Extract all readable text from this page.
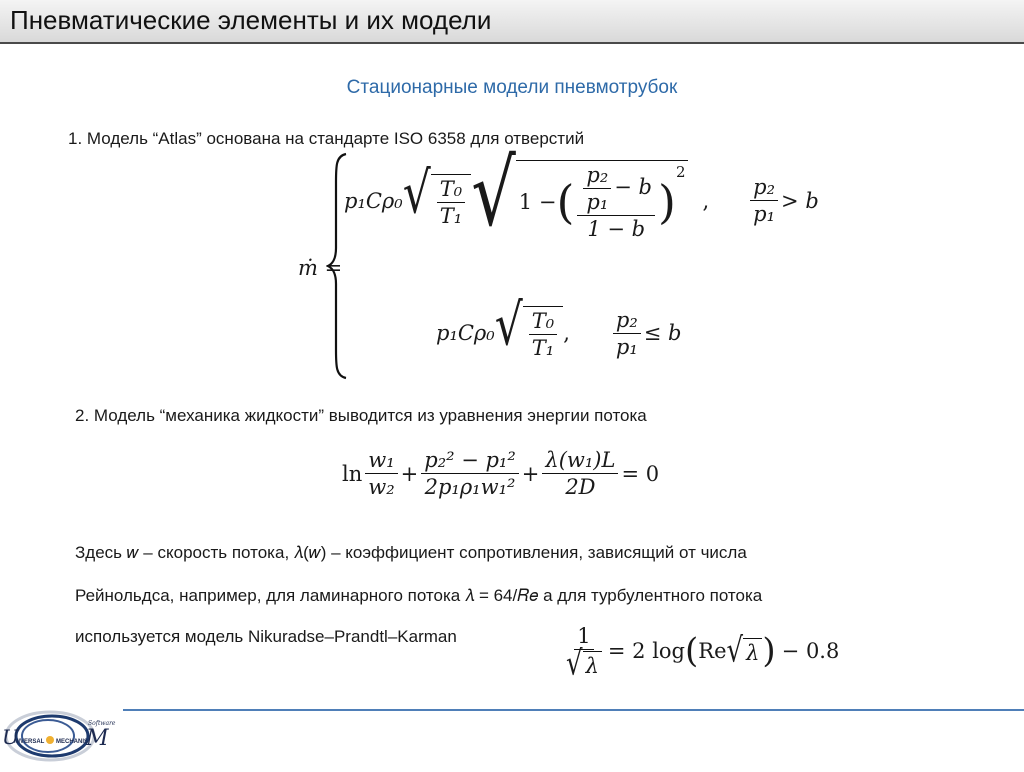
Пневматические элементы и их модели
Стационарные модели пневмотрубок
1. Модель “Atlas” основана на стандарте ISO 6358 для отверстий
ṁ =
p₁Cρ₀ √ $\frac{\text{T₀}}{\text{T₁}}$ √ 1 − ( $\frac{\frac{\text{p₂}}{\text{p₁}} - b}{1 - b}$ )
2
, $\frac{\text{p₂}}{\text{p₁}} > b$
p₁Cρ₀ √ $\frac{\text{T₀}}{\text{T₁}}$ , $\frac{\text{p₂}}{\text{p₁}} \le b$
2. Модель “механика жидкости” выводится из уравнения энергии потока
$\ln \frac{\text{w₁}}{\text{w₂}} + \frac{\text{p₂² − p₁²}}{\text{2p₁ρ₁w₁²}} + \frac{\text{λ(w₁)L}}{2D} = 0$
Здесь 𝑤 – скорость потока, 𝜆(𝑤) – коэффициент сопротивления, зависящий от числа
Рейнольдса, например, для ламинарного потока 𝜆 = 64/𝑅𝑒 а для турбулентного потока
используется модель Nikuradse–Prandtl–Karman	$\frac{1}{√ \lambda} = 2$ log ( Re √ λ ) − 0.8
U
NIVERSAL MECHANIS
M
Software
